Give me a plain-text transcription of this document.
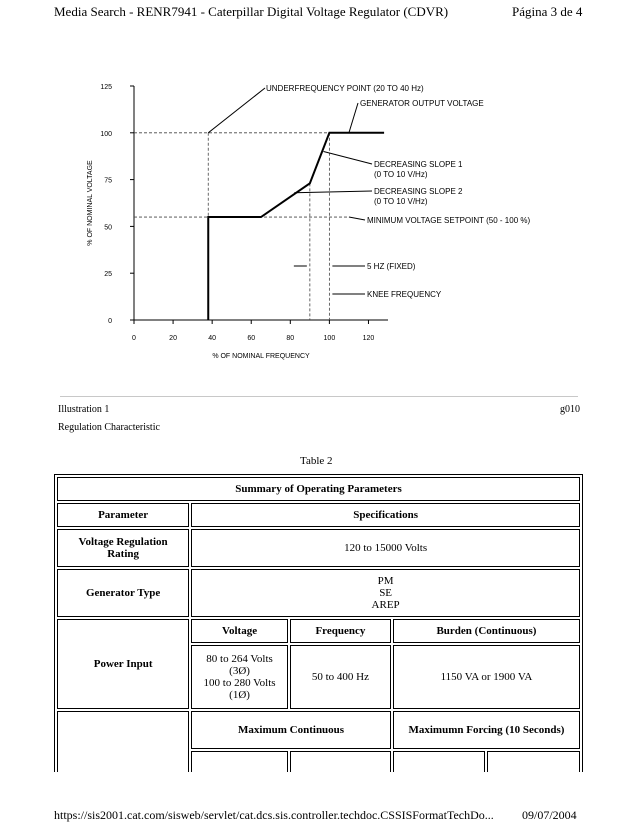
Media Search - RENR7941 - Caterpillar Digital Voltage Regulator (CDVR)	Página 3 de 4
0	20	40	60	80	100	120
0
25
50
75
100
125
% OF NOMINAL FREQUENCY
% OF NOMINAL VOLTAGE
UNDERFREQUENCY POINT (20 TO 40 Hz)
GENERATOR OUTPUT VOLTAGE
DECREASING SLOPE 1
(0 TO 10 V/Hz)
DECREASING SLOPE 2
(0 TO 10 V/Hz)
MINIMUM VOLTAGE SETPOINT (50 - 100 %)
5 HZ (FIXED)
KNEE FREQUENCY
Illustration 1	g010
Regulation Characteristic
Table 2
Summary of Operating Parameters				
Parameter	Specifications			
Voltage Regulation Rating	120 to 15000 Volts			
Generator Type	PM
SE
AREP			

Power Input	Voltage	Frequency	Burden (Continuous)	

	80 to 264 Volts
(3Ø)
100 to 280 Volts
(1Ø)	50 to 400 Hz	1150 VA or 1900 VA	
	Maximum Continuous		Maximumn Forcing (10 Seconds)	

https://sis2001.cat.com/sisweb/servlet/cat.dcs.sis.controller.techdoc.CSSISFormatTechDo... 09/07/2004
